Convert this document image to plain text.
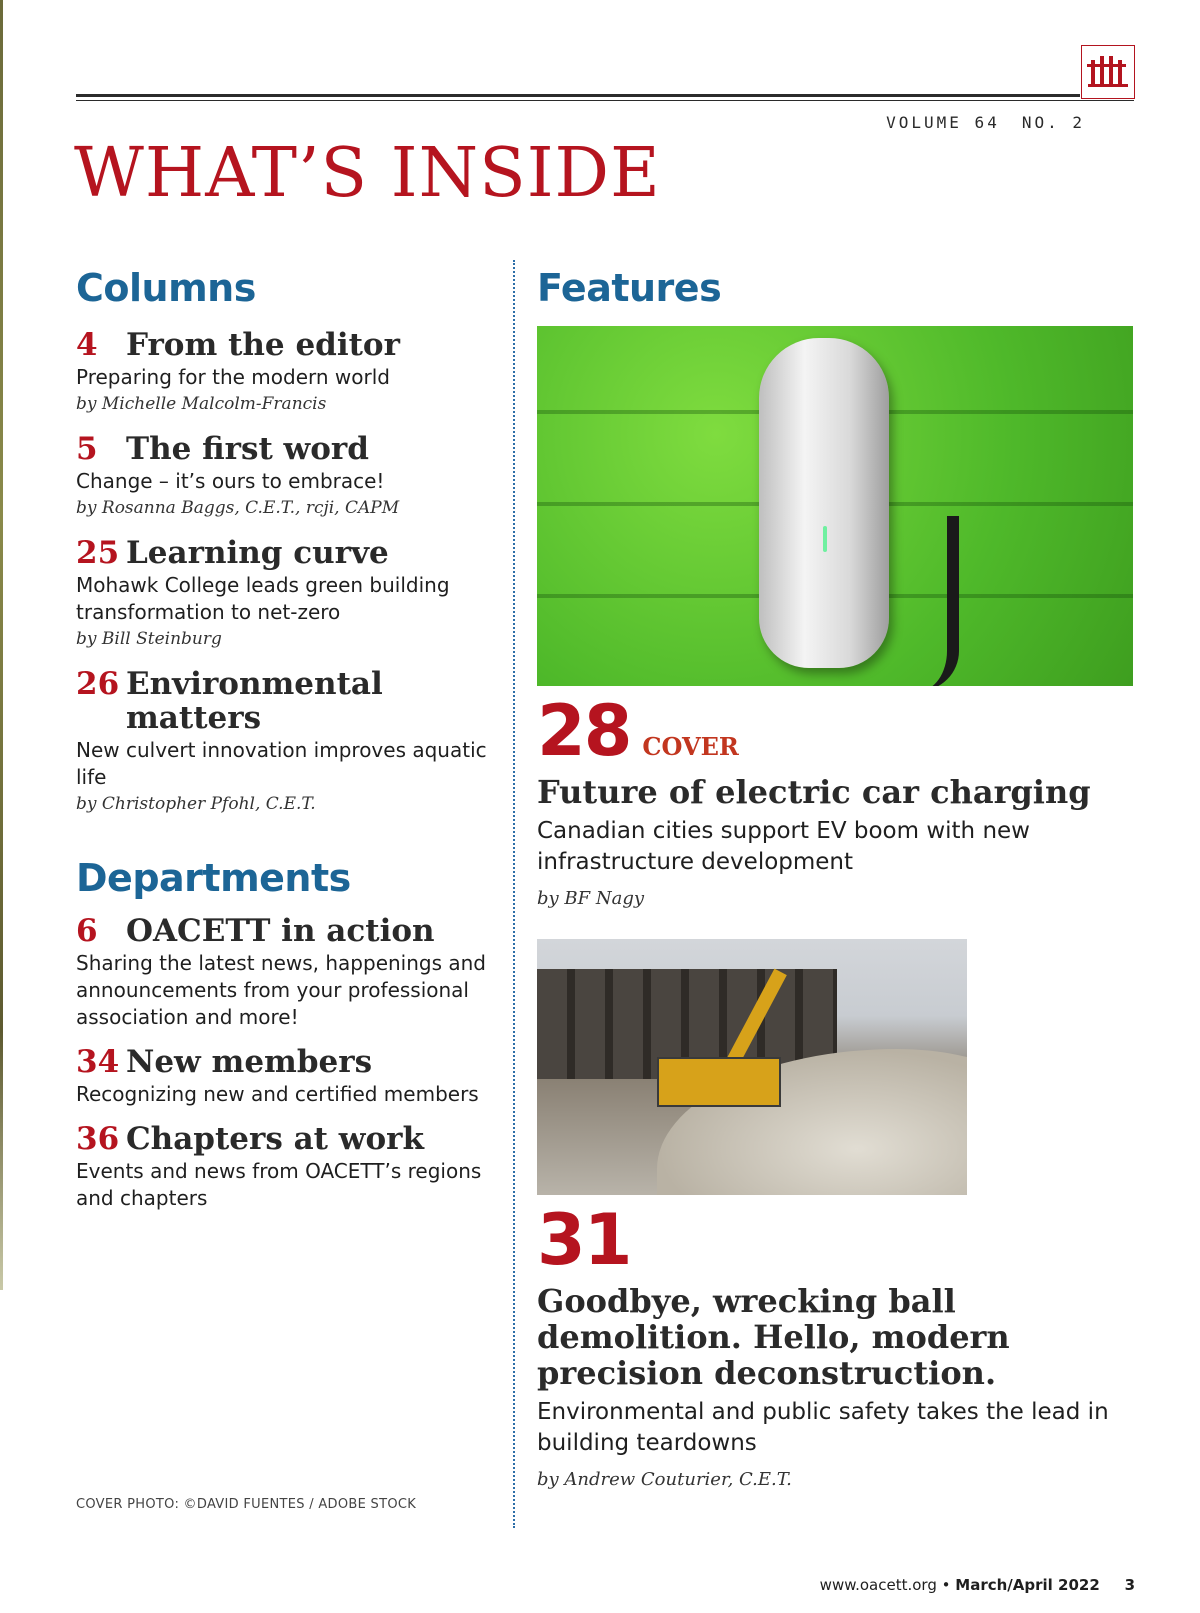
VOLUME 64 NO. 2
WHAT’S INSIDE
Columns
4 From the editor

Preparing for the modern world

by Michelle Malcolm-Francis

5 The first word

Change – it’s ours to embrace!

by Rosanna Baggs, C.E.T., rcji, CAPM

25 Learning curve

Mohawk College leads green building transformation to net-zero

by Bill Steinburg

26 Environmental matters

New culvert innovation improves aquatic life

by Christopher Pfohl, C.E.T.

Departments
6 OACETT in action

Sharing the latest news, happenings and announcements from your professional association and more!

34 New members

Recognizing new and certified members

36 Chapters at work

Events and news from OACETT’s regions and chapters

COVER PHOTO: ©DAVID FUENTES / ADOBE STOCK
Features
28 COVER
Future of electric car charging

Canadian cities support EV boom with new infrastructure development

by BF Nagy

31
Goodbye, wrecking ball demolition. Hello, modern precision deconstruction.

Environmental and public safety takes the lead in building teardowns

by Andrew Couturier, C.E.T.

www.oacett.org • March/April 2022 3
